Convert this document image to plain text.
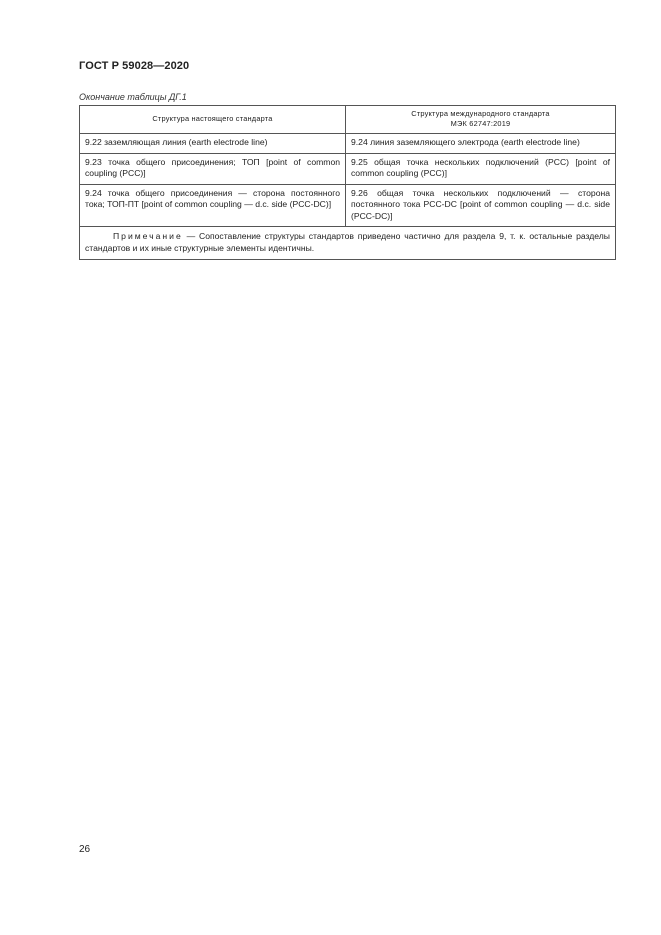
ГОСТ Р 59028—2020
Окончание таблицы ДГ.1
Структура настоящего стандарта	Структура международного стандарта
МЭК 62747:2019

9.22 заземляющая линия (earth electrode line)	9.24 линия заземляющего электрода (earth electrode line)
9.23 точка общего присоединения; ТОП [point of common coupling (PCC)]	9.25 общая точка нескольких подключений (PCC) [point of common coupling (PCC)]
9.24 точка общего присоединения — сторона постоянного тока; ТОП-ПТ [point of common coupling — d.c. side (PCC-DC)]	9.26 общая точка нескольких подключений — сторона постоянного тока PCC-DC [point of common coupling — d.c. side (PCC-DC)]
Примечание — Сопоставление структуры стандартов приведено частично для раздела 9, т. к. остальные разделы стандартов и их иные структурные элементы идентичны.	
26
